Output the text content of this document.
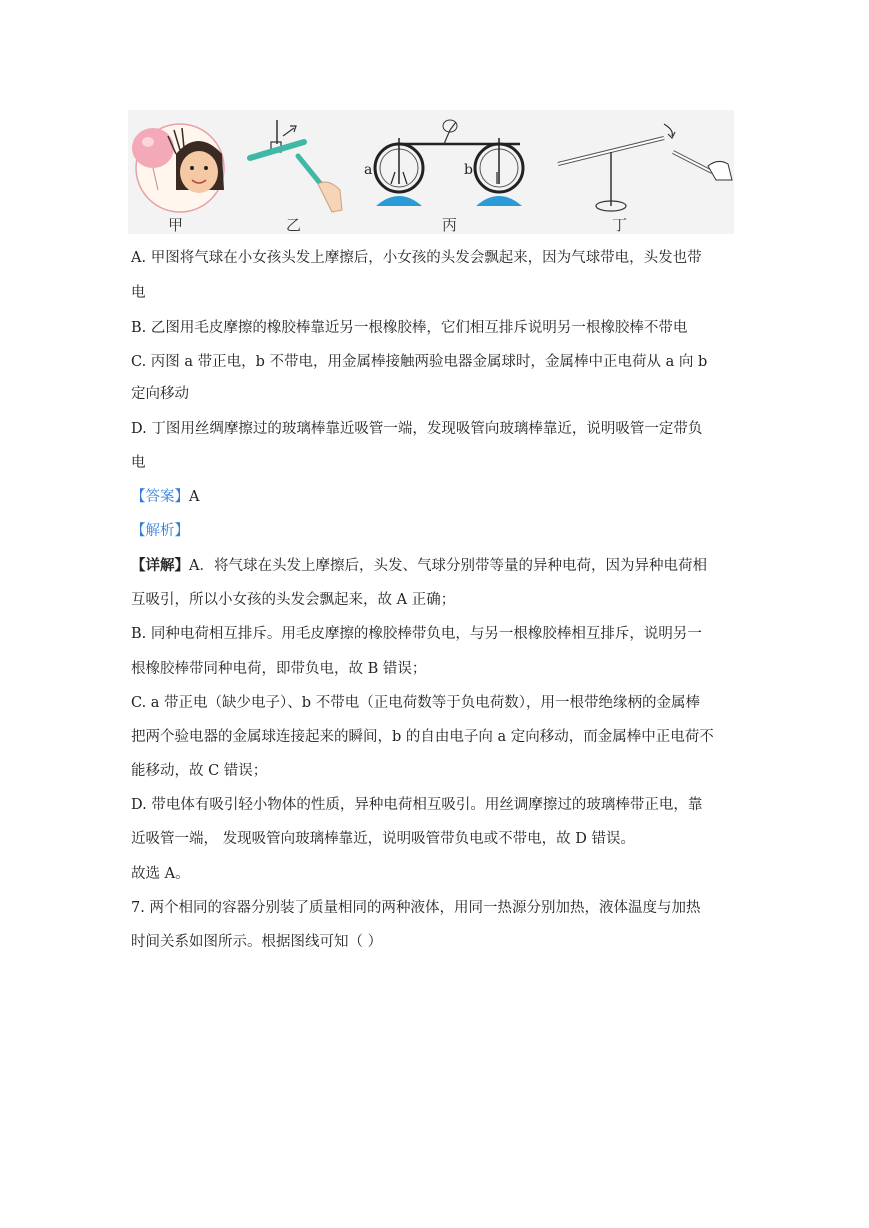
a	b
甲	乙	丙	丁
A. 甲图将气球在小女孩头发上摩擦后，小女孩的头发会飘起来，因为气球带电，头发也带
电
B. 乙图用毛皮摩擦的橡胶棒靠近另一根橡胶棒，它们相互排斥说明另一根橡胶棒不带电
C. 丙图 a 带正电，b 不带电，用金属棒接触两验电器金属球时，金属棒中正电荷从 a 向 b
定向移动
D. 丁图用丝绸摩擦过的玻璃棒靠近吸管一端，发现吸管向玻璃棒靠近，说明吸管一定带负
电
【答案】A
【解析】
【详解】A．将气球在头发上摩擦后，头发、气球分别带等量的异种电荷，因为异种电荷相
互吸引，所以小女孩的头发会飘起来，故 A 正确；
B. 同种电荷相互排斥。用毛皮摩擦的橡胶棒带负电，与另一根橡胶棒相互排斥，说明另一
根橡胶棒带同种电荷，即带负电，故 B 错误；
C. a 带正电（缺少电子）、b 不带电（正电荷数等于负电荷数），用一根带绝缘柄的金属棒
把两个验电器的金属球连接起来的瞬间，b 的自由电子向 a 定向移动，而金属棒中正电荷不
能移动，故 C 错误；
D. 带电体有吸引轻小物体的性质，异种电荷相互吸引。用丝调摩擦过的玻璃棒带正电，靠
近吸管一端， 发现吸管向玻璃棒靠近，说明吸管带负电或不带电，故 D 错误。
故选 A。
7. 两个相同的容器分别装了质量相同的两种液体，用同一热源分别加热，液体温度与加热
时间关系如图所示。根据图线可知（ ）
